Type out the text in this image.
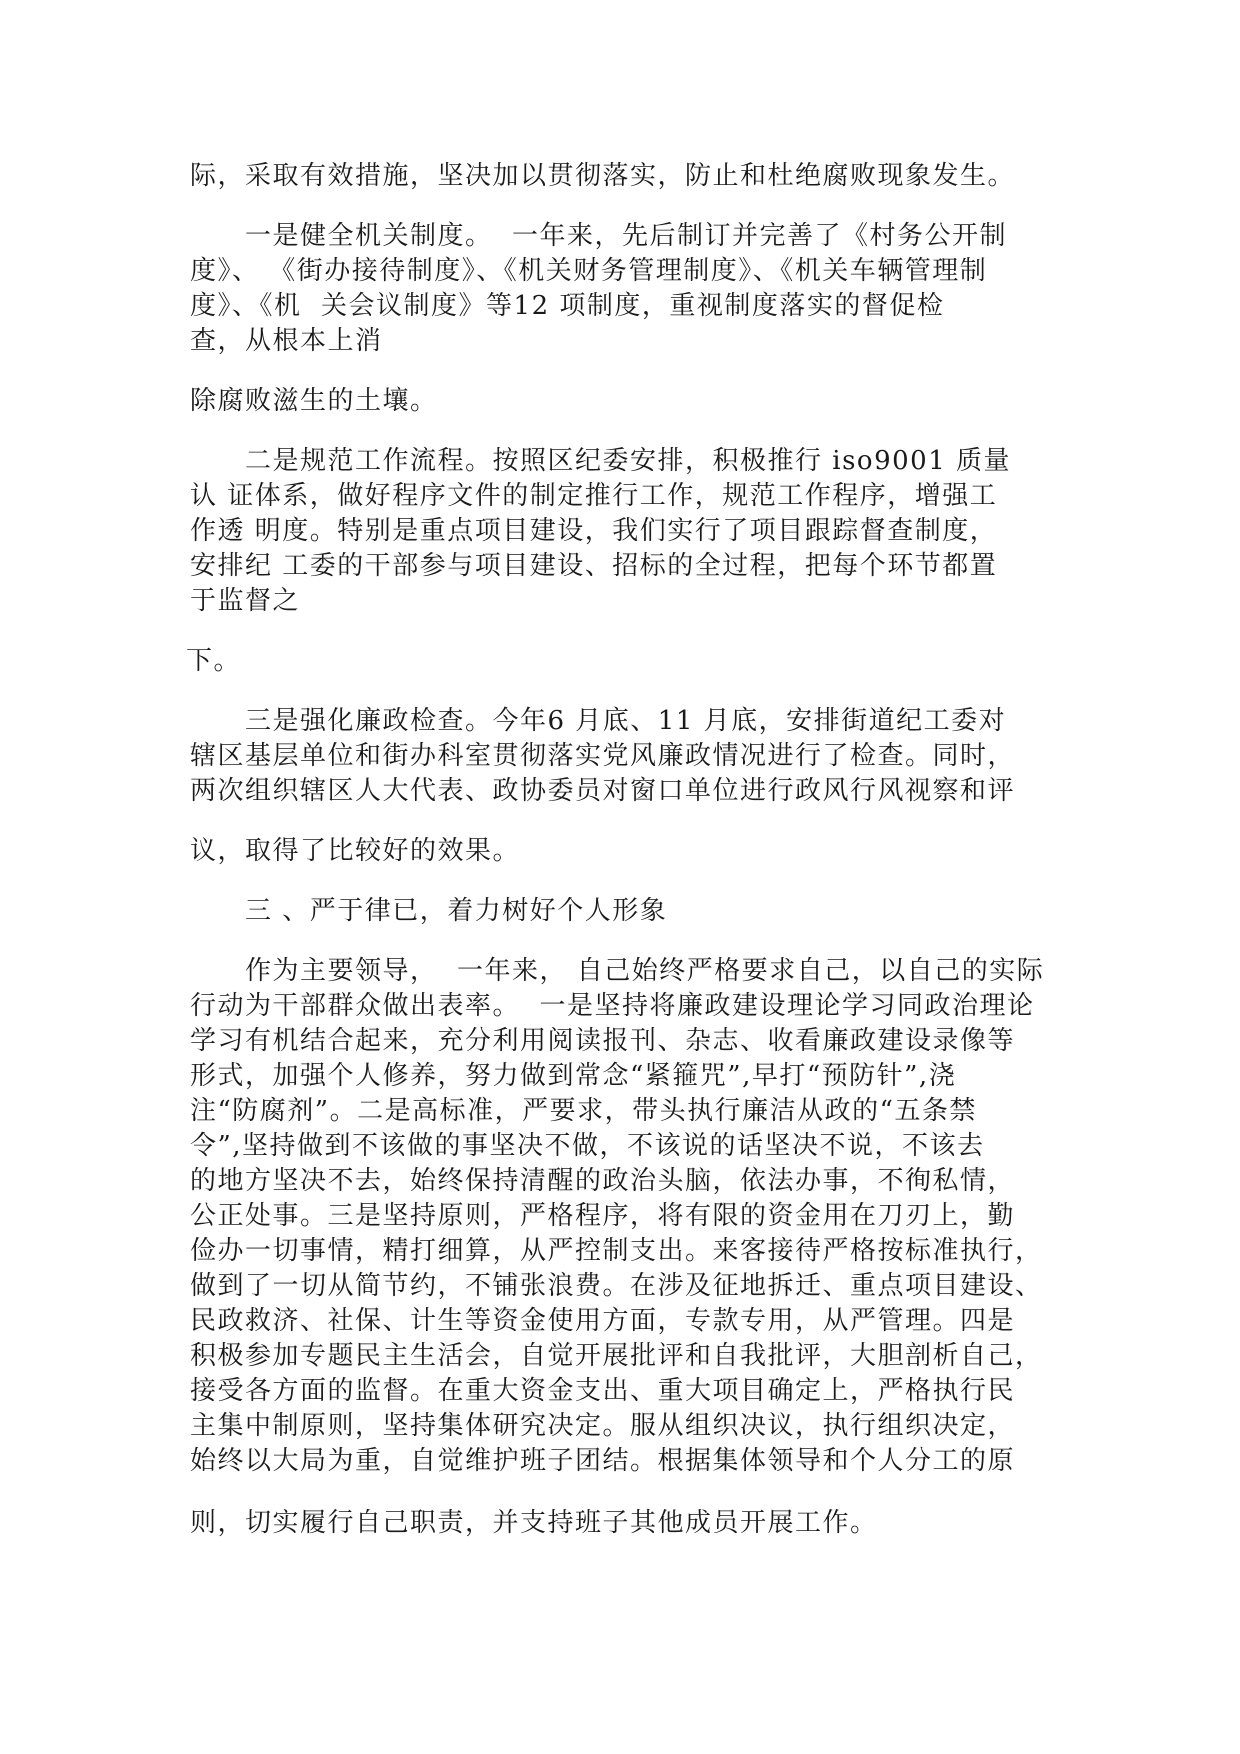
际，采取有效措施，坚决加以贯彻落实，防止和杜绝腐败现象发生。

一是健全机关制度。  一年来，先后制订并完善了《村务公开制

度》、 《街办接待制度》、《机关财务管理制度》、《机关车辆管理制

度》、《机  关会议制度》等12 项制度，重视制度落实的督促检

查，从根本上消

除腐败滋生的土壤。

二是规范工作流程。按照区纪委安排，积极推行 iso9001 质量

认 证体系，做好程序文件的制定推行工作，规范工作程序，增强工

作透 明度。特别是重点项目建设，我们实行了项目跟踪督查制度，

安排纪 工委的干部参与项目建设、招标的全过程，把每个环节都置

于监督之

下。

三是强化廉政检查。今年6 月底、11 月底，安排街道纪工委对

辖区基层单位和街办科室贯彻落实党风廉政情况进行了检查。同时，

两次组织辖区人大代表、政协委员对窗口单位进行政风行风视察和评

议，取得了比较好的效果。

三 、严于律已，着力树好个人形象

作为主要领导，  一年来， 自己始终严格要求自己，以自己的实际

行动为干部群众做出表率。  一是坚持将廉政建设理论学习同政治理论

学习有机结合起来，充分利用阅读报刊、杂志、收看廉政建设录像等

形式，加强个人修养，努力做到常念“紧箍咒”,早打“预防针”,浇

注“防腐剂”。二是高标准，严要求，带头执行廉洁从政的“五条禁

令”,坚持做到不该做的事坚决不做，不该说的话坚决不说，不该去

的地方坚决不去，始终保持清醒的政治头脑，依法办事，不徇私情，

公正处事。三是坚持原则，严格程序，将有限的资金用在刀刃上，勤

俭办一切事情，精打细算，从严控制支出。来客接待严格按标准执行，

做到了一切从简节约，不铺张浪费。在涉及征地拆迁、重点项目建设、

民政救济、社保、计生等资金使用方面，专款专用，从严管理。四是

积极参加专题民主生活会，自觉开展批评和自我批评，大胆剖析自己，

接受各方面的监督。在重大资金支出、重大项目确定上，严格执行民

主集中制原则，坚持集体研究决定。服从组织决议，执行组织决定，

始终以大局为重，自觉维护班子团结。根据集体领导和个人分工的原

则，切实履行自己职责，并支持班子其他成员开展工作。
